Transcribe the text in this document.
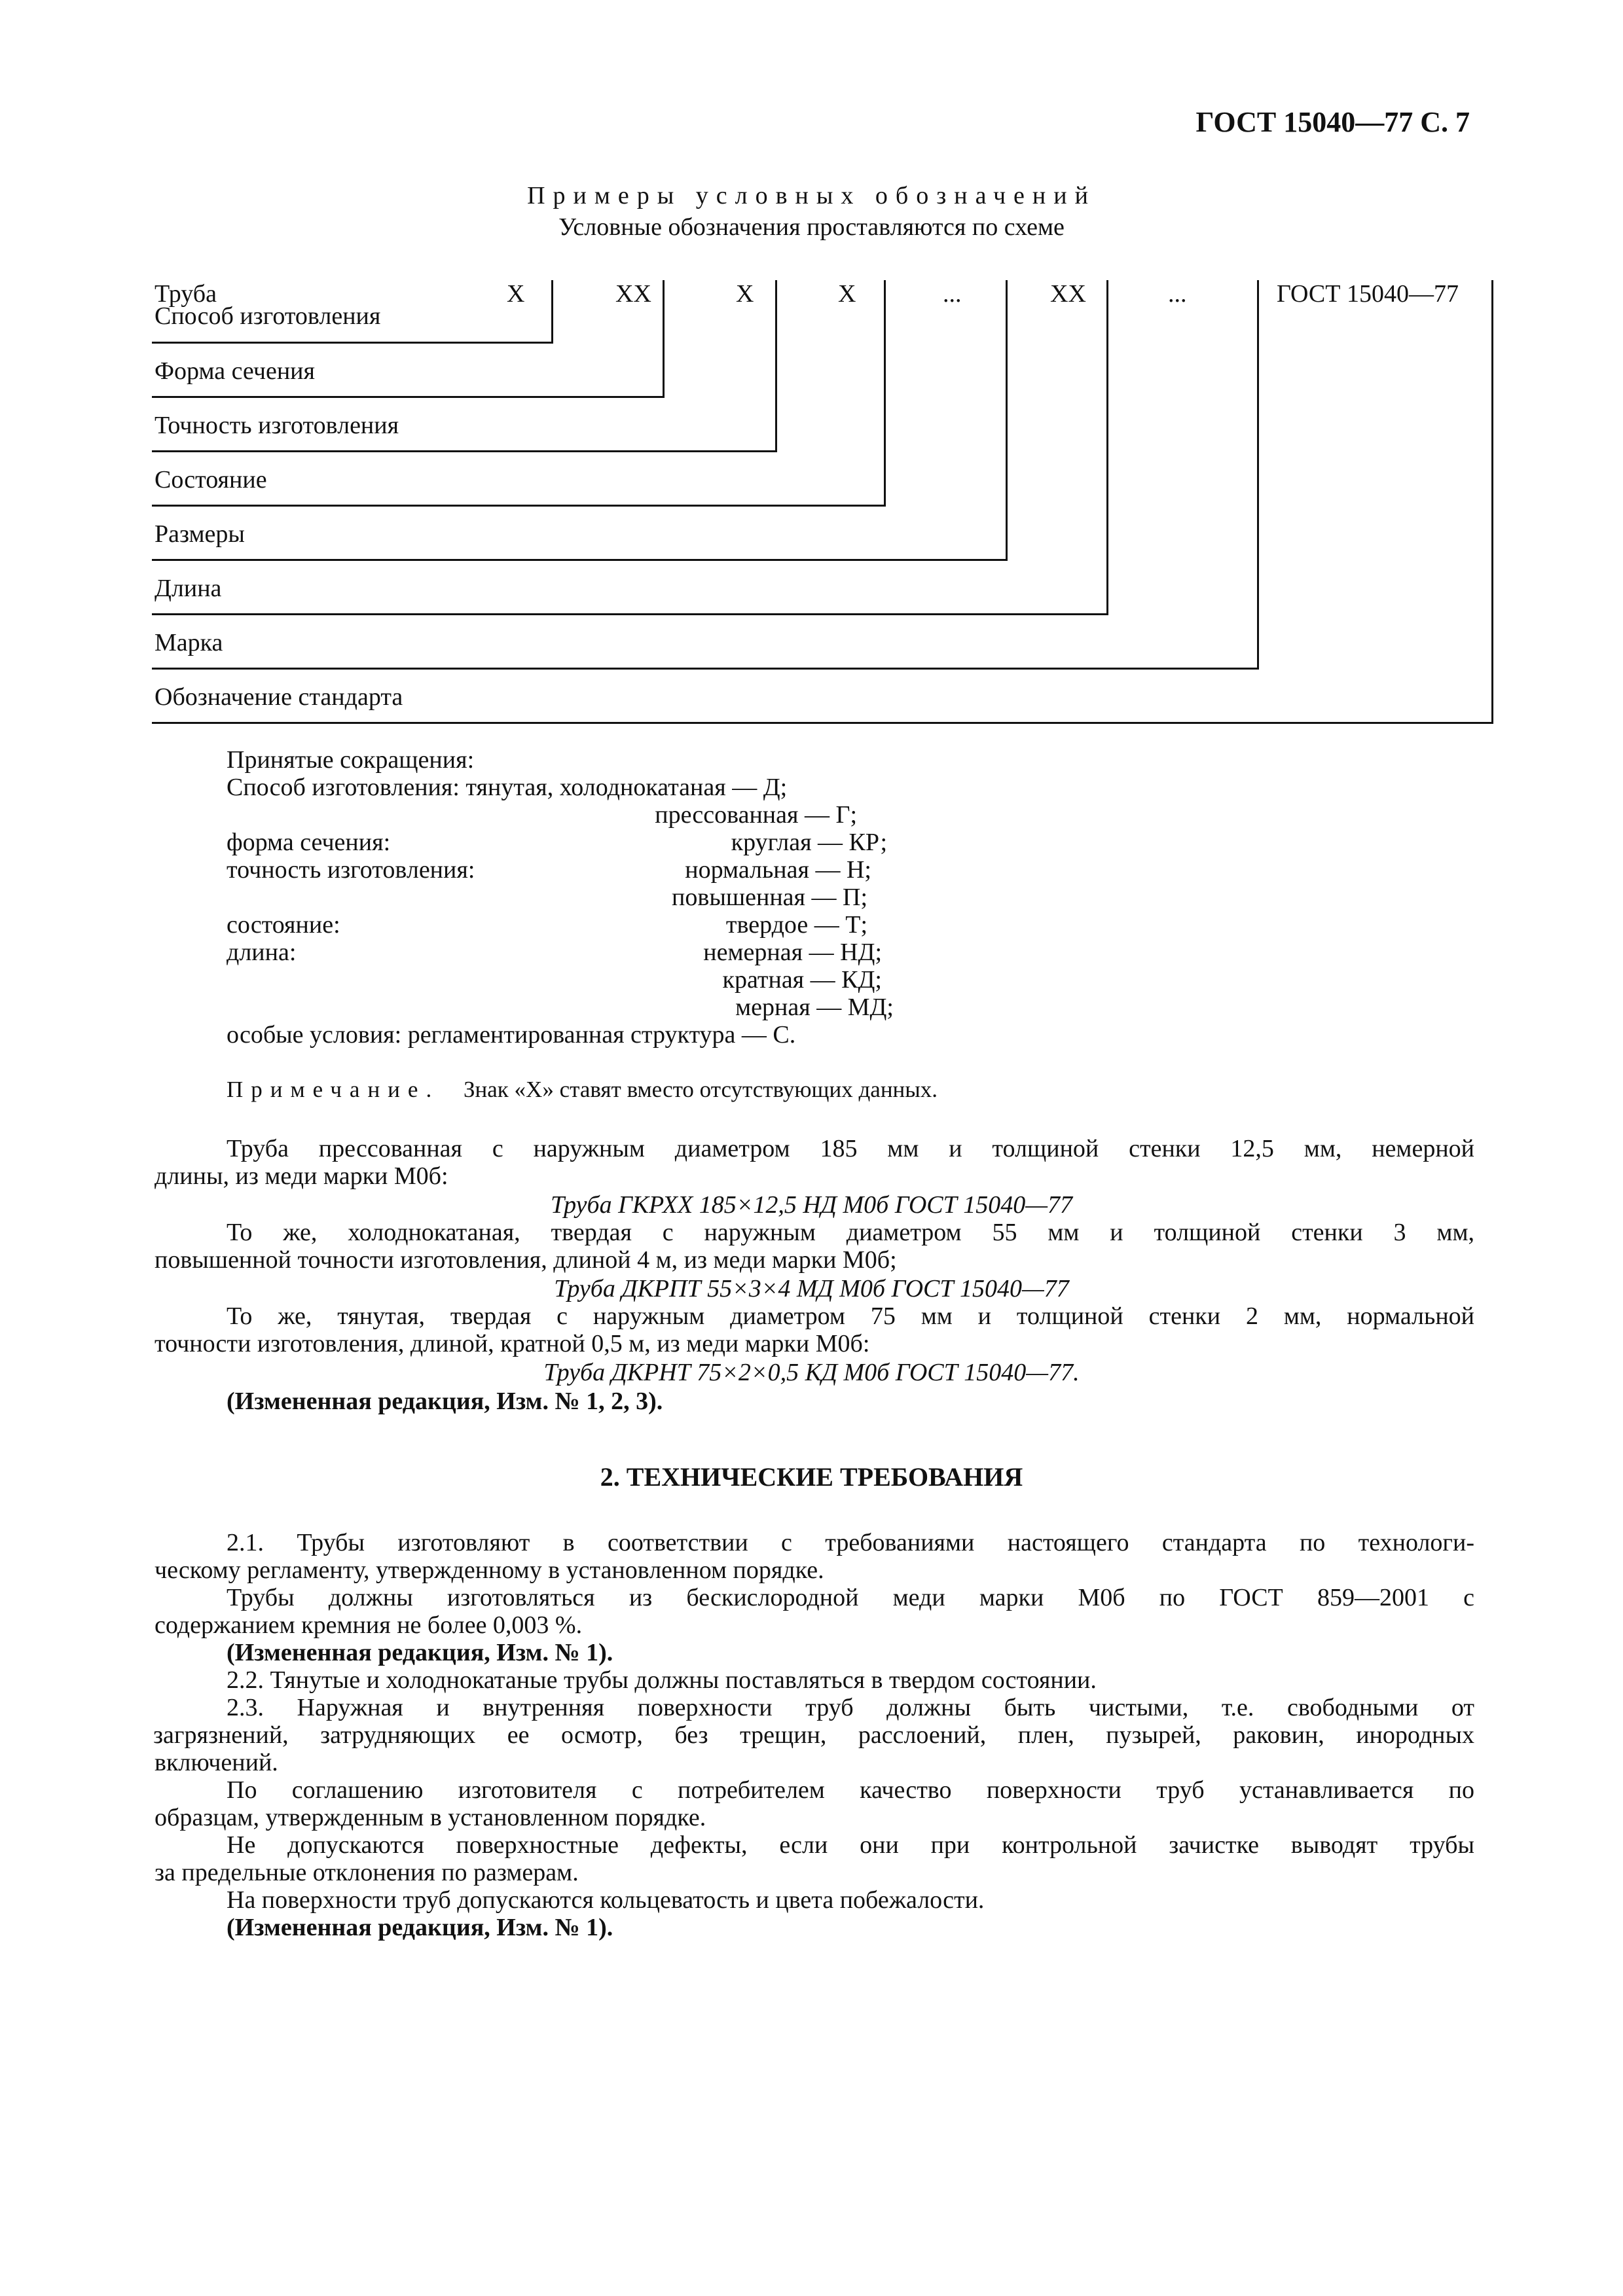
ГОСТ 15040—77 С. 7
Примеры условных обозначений
Условные обозначения проставляются по схеме
Труба	X	XX	X	X	...	XX	...	ГОСТ 15040—77
Способ изготовления
Форма сечения
Точность изготовления
Состояние
Размеры
Длина
Марка
Обозначение стандарта
Принятые сокращения:
Способ изготовления: тянутая, холоднокатаная — Д;
прессованная — Г;
форма сечения:	круглая — КР;
точность изготовления:	нормальная — Н;
повышенная — П;
состояние:	твердое — Т;
длина:	немерная — НД;
кратная — КД;
мерная — МД;
особые условия: регламентированная структура — С.
Примечание. Знак «Х» ставят вместо отсутствующих данных.
Труба прессованная с наружным диаметром 185 мм и толщиной стенки 12,5 мм, немерной
длины, из меди марки М0б:
Труба ГКРХХ 185×12,5 НД М0б ГОСТ 15040—77
То же, холоднокатаная, твердая с наружным диаметром 55 мм и толщиной стенки 3 мм,
повышенной точности изготовления, длиной 4 м, из меди марки М0б;
Труба ДКРПТ 55×3×4 МД М0б ГОСТ 15040—77
То же, тянутая, твердая с наружным диаметром 75 мм и толщиной стенки 2 мм, нормальной
точности изготовления, длиной, кратной 0,5 м, из меди марки М0б:
Труба ДКРНТ 75×2×0,5 КД М0б ГОСТ 15040—77.
(Измененная редакция, Изм. № 1, 2, 3).
2. ТЕХНИЧЕСКИЕ ТРЕБОВАНИЯ
2.1. Трубы изготовляют в соответствии с требованиями настоящего стандарта по технологи-
ческому регламенту, утвержденному в установленном порядке.
Трубы должны изготовляться из бескислородной меди марки М0б по ГОСТ 859—2001 с
содержанием кремния не более 0,003 %.
(Измененная редакция, Изм. № 1).
2.2. Тянутые и холоднокатаные трубы должны поставляться в твердом состоянии.
2.3. Наружная и внутренняя поверхности труб должны быть чистыми, т.е. свободными от
загрязнений, затрудняющих ее осмотр, без трещин, расслоений, плен, пузырей, раковин, инородных
включений.
По соглашению изготовителя с потребителем качество поверхности труб устанавливается по
образцам, утвержденным в установленном порядке.
Не допускаются поверхностные дефекты, если они при контрольной зачистке выводят трубы
за предельные отклонения по размерам.
На поверхности труб допускаются кольцеватость и цвета побежалости.
(Измененная редакция, Изм. № 1).
